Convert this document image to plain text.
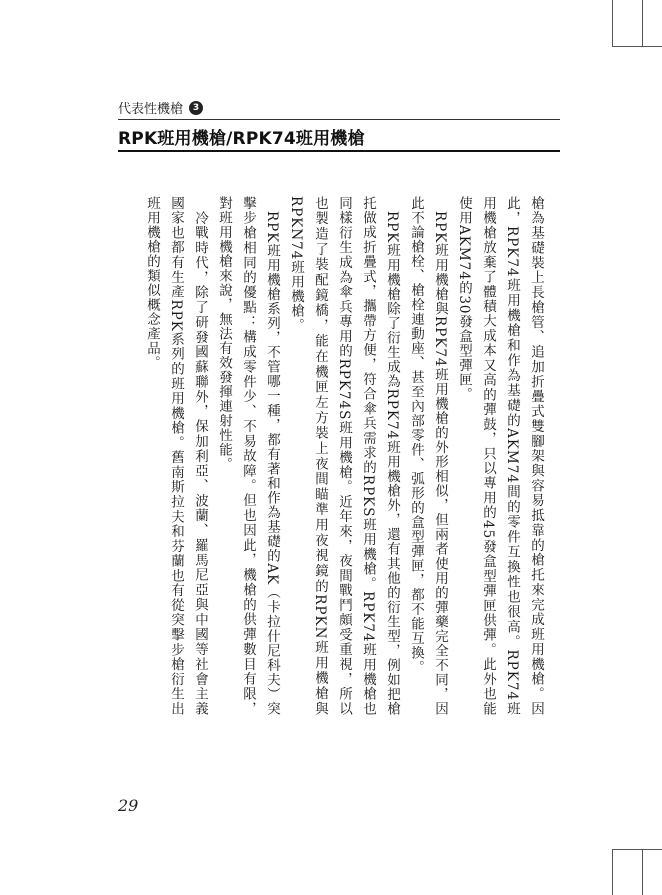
代表性機槍	3
RPK班用機槍/RPK74班用機槍

槍為基礎裝上長槍管、追加折疊式雙腳架與容易抵靠的槍托來完成班用機槍。因此，RPK74班用機槍和作為基礎的AKM74間的零件互換性也很高。RPK74班用機槍放棄了體積大成本又高的彈鼓，只以專用的45發盒型彈匣供彈。此外也能使用AKM74的30發盒型彈匣。

RPK班用機槍與RPK74班用機槍的外形相似，但兩者使用的彈藥完全不同，因此不論槍栓、槍栓連動座、甚至內部零件、弧形的盒型彈匣，都不能互換。

RPK班用機槍除了衍生成為RPK74班用機槍外，還有其他的衍生型，例如把槍托做成折疊式，攜帶方便，符合傘兵需求的RPKS班用機槍。RPK74班用機槍也同樣衍生成為傘兵專用的RPK74S班用機槍。近年來，夜間戰鬥頗受重視，所以也製造了裝配鏡橋，能在機匣左方裝上夜間瞄準用夜視鏡的RPKN班用機槍與RPKN74班用機槍。

RPK班用機槍系列，不管哪一種，都有著和作為基礎的AK（卡拉什尼科夫）突擊步槍相同的優點：構成零件少、不易故障。但也因此，機槍的供彈數目有限，對班用機槍來說，無法有效發揮連射性能。

冷戰時代，除了研發國蘇聯外，保加利亞、波蘭、羅馬尼亞與中國等社會主義國家也都有生產RPK系列的班用機槍。舊南斯拉夫和芬蘭也有從突擊步槍衍生出班用機槍的類似概念產品。

29
